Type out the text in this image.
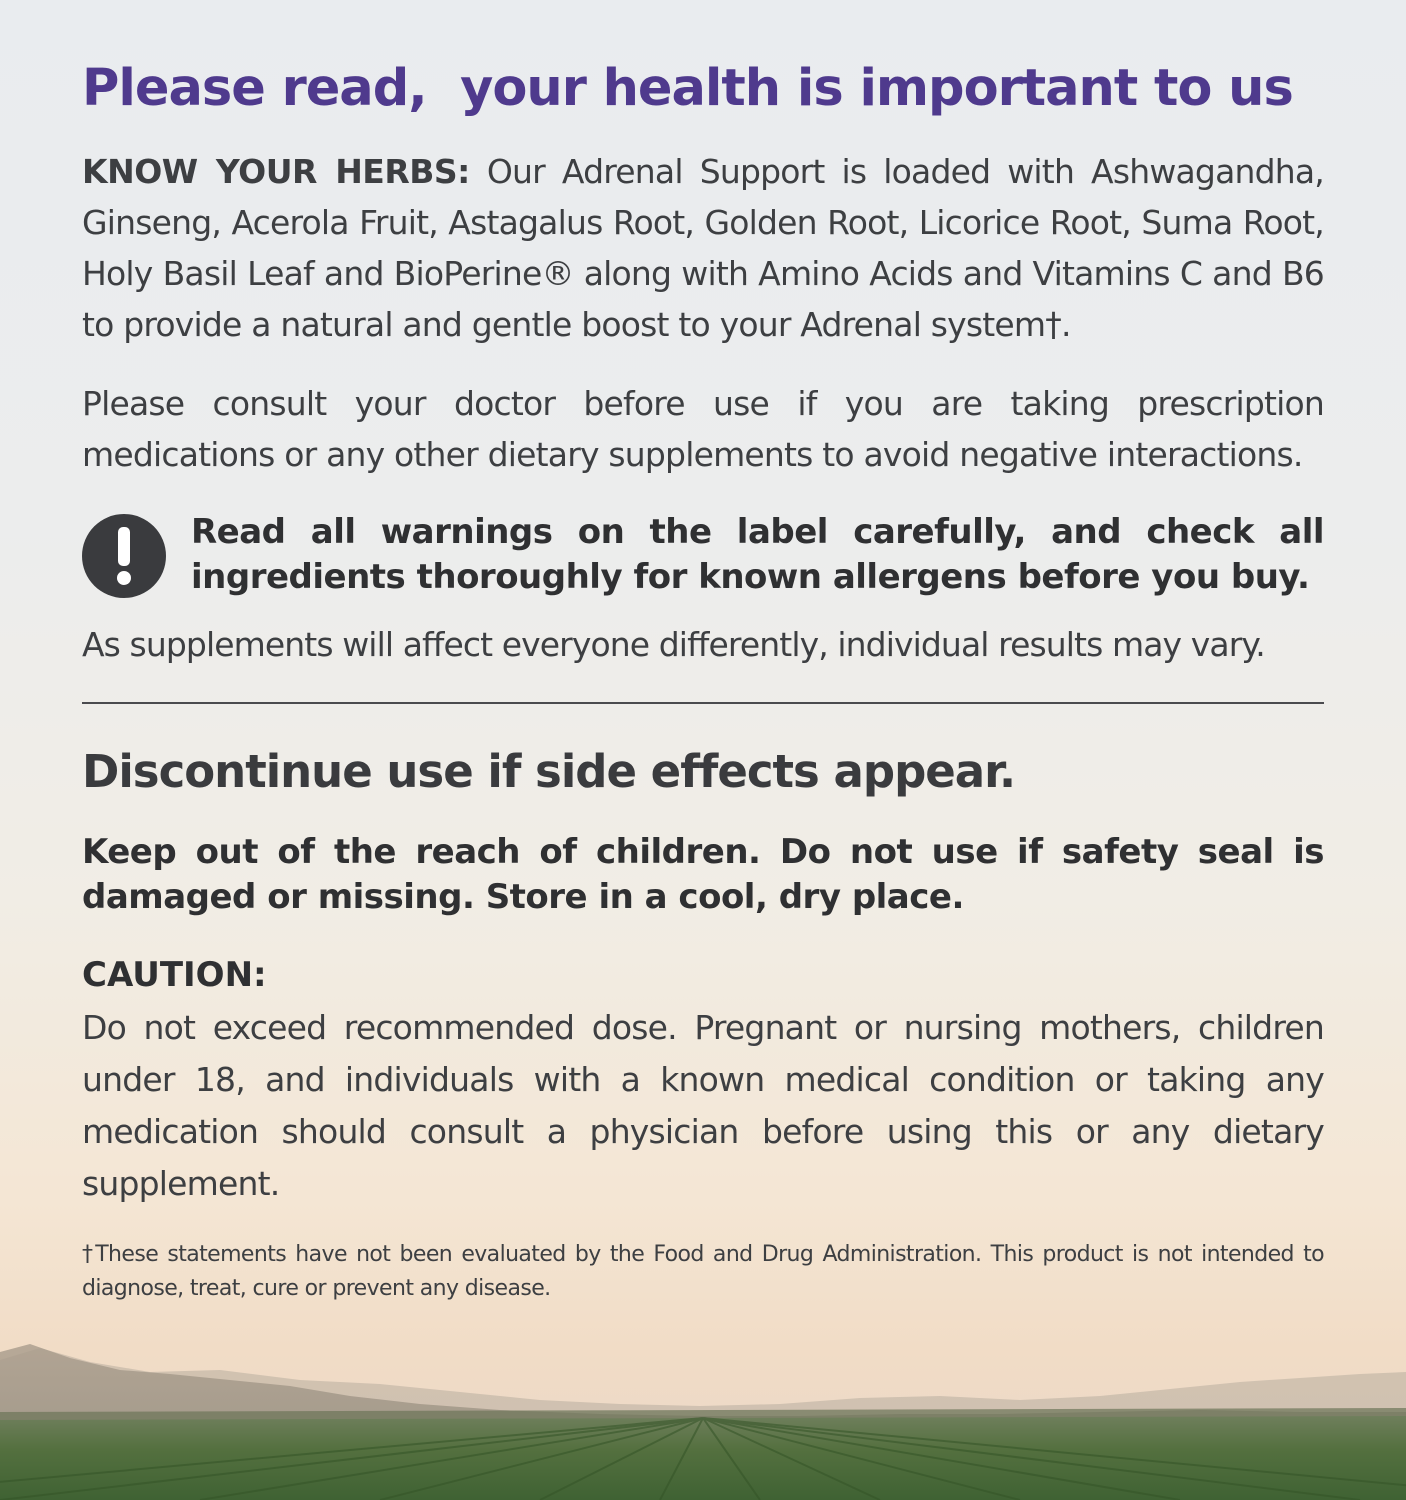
Please read,  your health is important to us

KNOW YOUR HERBS: Our Adrenal Support is loaded with Ashwagandha, Ginseng, Acerola Fruit, Astagalus Root, Golden Root, Licorice Root, Suma Root, Holy Basil Leaf and BioPerine® along with Amino Acids and Vitamins C and B6 to provide a natural and gentle boost to your Adrenal system†.

Please consult your doctor before use if you are taking prescription medications or any other dietary supplements to avoid negative interactions.

Read all warnings on the label carefully, and check all ingredients thoroughly for known allergens before you buy.

As supplements will affect everyone differently, individual results may vary.

Discontinue use if side effects appear.

Keep out of the reach of children. Do not use if safety seal is damaged or missing. Store in a cool, dry place.

CAUTION:

Do not exceed recommended dose. Pregnant or nursing mothers, children under 18, and individuals with a known medical condition or taking any medication should consult a physician before using this or any dietary supplement.

†These statements have not been evaluated by the Food and Drug Administration. This product is not intended to diagnose, treat, cure or prevent any disease.
